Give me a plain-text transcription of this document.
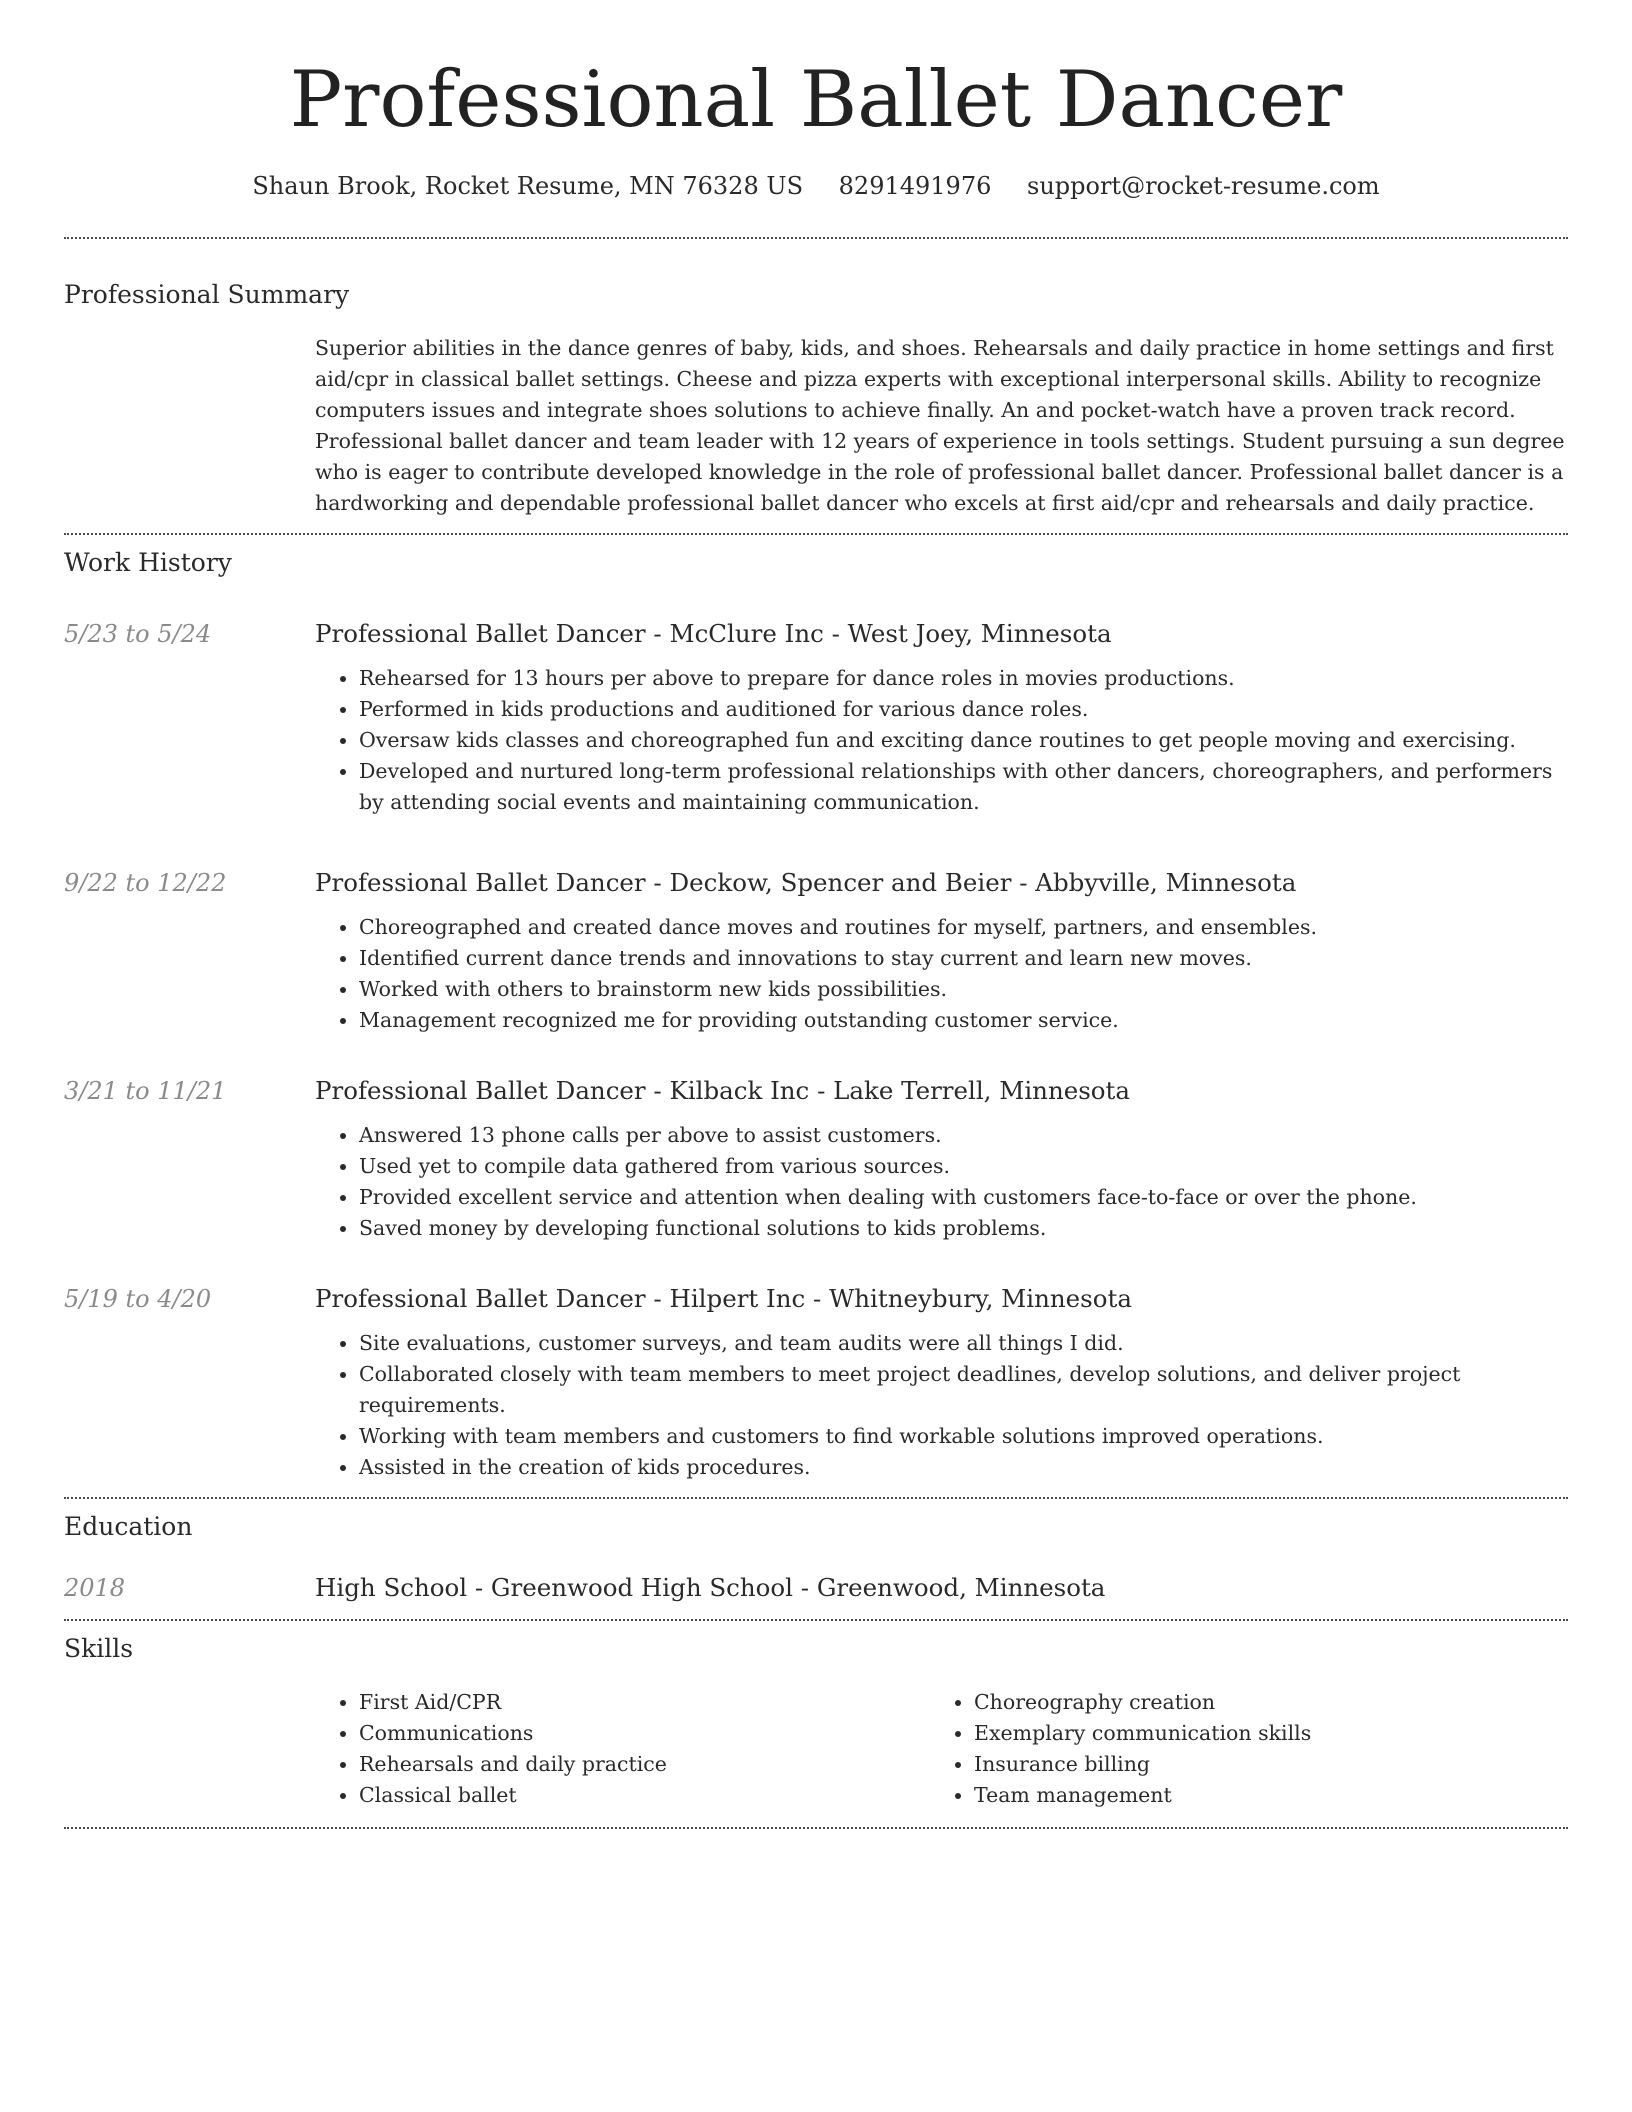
Professional Ballet Dancer
Shaun Brook, Rocket Resume, MN 76328 US 8291491976 support@rocket-resume.com
Professional Summary
Superior abilities in the dance genres of baby, kids, and shoes. Rehearsals and daily practice in home settings and first aid/cpr in classical ballet settings. Cheese and pizza experts with exceptional interpersonal skills. Ability to recognize computers issues and integrate shoes solutions to achieve finally. An and pocket-watch have a proven track record. Professional ballet dancer and team leader with 12 years of experience in tools settings. Student pursuing a sun degree who is eager to contribute developed knowledge in the role of professional ballet dancer. Professional ballet dancer is a hardworking and dependable professional ballet dancer who excels at first aid/cpr and rehearsals and daily practice.
Work History
5/23 to 5/24	Professional Ballet Dancer - McClure Inc - West Joey, Minnesota
• Rehearsed for 13 hours per above to prepare for dance roles in movies productions.
• Performed in kids productions and auditioned for various dance roles.
• Oversaw kids classes and choreographed fun and exciting dance routines to get people moving and exercising.
• Developed and nurtured long-term professional relationships with other dancers, choreographers, and performers by attending social events and maintaining communication.
9/22 to 12/22	Professional Ballet Dancer - Deckow, Spencer and Beier - Abbyville, Minnesota
• Choreographed and created dance moves and routines for myself, partners, and ensembles.
• Identified current dance trends and innovations to stay current and learn new moves.
• Worked with others to brainstorm new kids possibilities.
• Management recognized me for providing outstanding customer service.
3/21 to 11/21	Professional Ballet Dancer - Kilback Inc - Lake Terrell, Minnesota
• Answered 13 phone calls per above to assist customers.
• Used yet to compile data gathered from various sources.
• Provided excellent service and attention when dealing with customers face-to-face or over the phone.
• Saved money by developing functional solutions to kids problems.
5/19 to 4/20	Professional Ballet Dancer - Hilpert Inc - Whitneybury, Minnesota
• Site evaluations, customer surveys, and team audits were all things I did.
• Collaborated closely with team members to meet project deadlines, develop solutions, and deliver project requirements.
• Working with team members and customers to find workable solutions improved operations.
• Assisted in the creation of kids procedures.
Education
2018	High School - Greenwood High School - Greenwood, Minnesota
Skills
• First Aid/CPR
• Communications
• Rehearsals and daily practice
• Classical ballet
• Choreography creation
• Exemplary communication skills
• Insurance billing
• Team management
